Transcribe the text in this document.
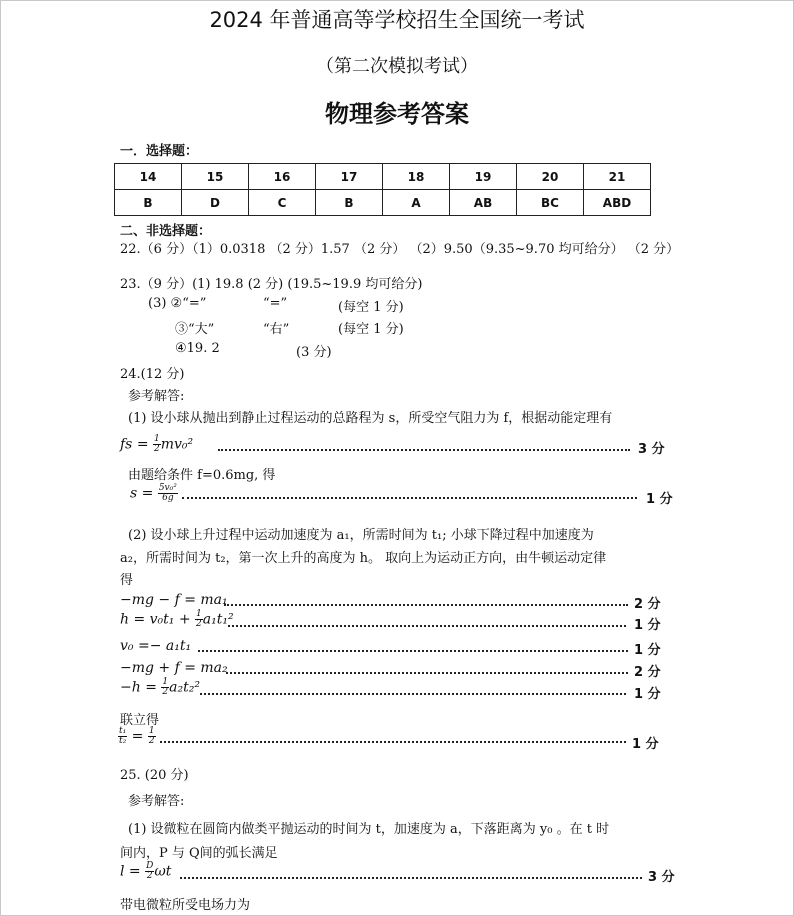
2024 年普通高等学校招生全国统一考试
（第二次模拟考试）
物理参考答案
一．选择题：
14	15	16	17	18	19	20	21
B	D	C	B	A	AB	BC	ABD
二、非选择题：
22.（6 分）（1）0.0318 （2 分）1.57 （2 分） （2）9.50（9.35~9.70 均可给分） （2 分）
23.（9 分）(1) 19.8 (2 分) (19.5~19.9 均可给分)
(3) ②“=”	“=”	(每空 1 分)
③“大”	“右”	(每空 1 分)
④19. 2	(3 分)
24.(12 分)
参考解答:
(1) 设小球从抛出到静止过程运动的总路程为 s，所受空气阻力为 f，根据动能定理有
fs = $\frac{1}{2} mv_0^2$	3 分
由题给条件 f=0.6mg, 得
$s = \frac{\text{5v₀²}}{6g}$	1 分
(2) 设小球上升过程中运动加速度为 a₁，所需时间为 t₁; 小球下降过程中加速度为
a₂，所需时间为 t₂，第一次上升的高度为 h。 取向上为运动正方向，由牛顿运动定律
得
−mg − f = ma₁	2 分
$h = v_0t_1 + \frac{1}{2} a_1t_1^2$	1 分
v₀ =− a₁t₁	1 分
−mg + f = ma₂	2 分
$-h = \frac{1}{2} a_2t_2^2$	1 分
联立得
$\frac{\text{t₁}}{\text{t₂}} = \frac{1}{2}$	1 分
25. (20 分)
参考解答:
(1) 设微粒在圆筒内做类平抛运动的时间为 t，加速度为 a，下落距离为 y₀ 。在 t 时
间内，P 与 Q间的弧长满足
$l = \frac{D}{2}$ ωt	3 分
带电微粒所受电场力为
